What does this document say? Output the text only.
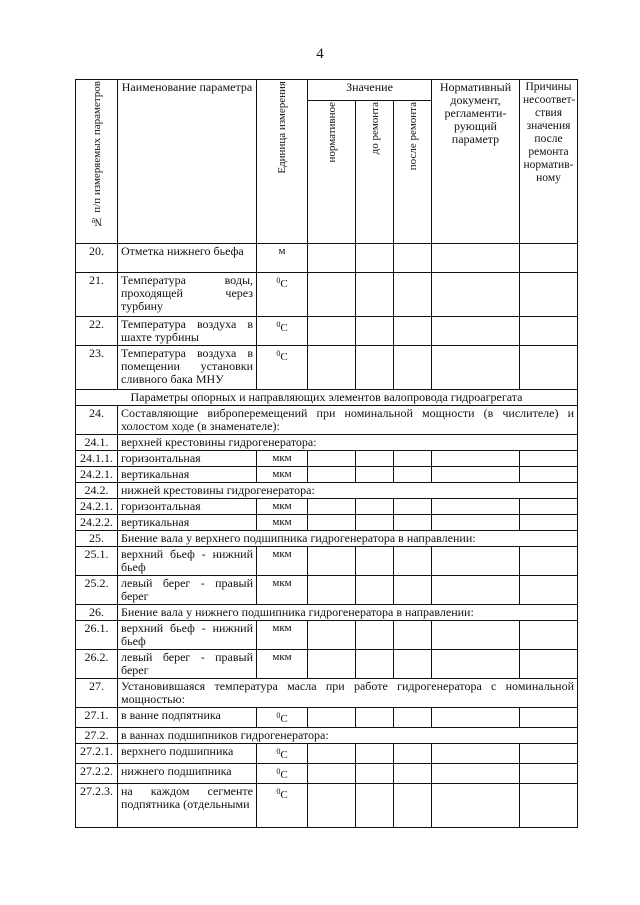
4
№ п/п измеряемых параметров	Наименование параметра	Единица измерения	Значение			Нормативный документ, регламенти-рующий параметр	Причины несоответ-ствия значения после ремонта норматив-ному

			нормативное	до ремонта	после ремонта		

20.	Отметка нижнего бьефа	м					
21.	Температура воды, проходящей через турбину	$^0$C					
22.	Температура воздуха в шахте турбины	$^0$C					
23.	Температура воздуха в помещении установки сливного бака МНУ	$^0$C					
Параметры опорных и направляющих элементов валопровода гидроагрегата							
24.	Составляющие виброперемещений при номинальной мощности (в числителе) и холостом ходе (в знаменателе):						
24.1.	верхней крестовины гидрогенератора:						
24.1.1.	горизонтальная	мкм					
24.2.1.	вертикальная	мкм					
24.2.	нижней крестовины гидрогенератора:						
24.2.1.	горизонтальная	мкм					
24.2.2.	вертикальная	мкм					
25.	Биение вала у верхнего подшипника гидрогенератора в направлении:						
25.1.	верхний бьеф - нижний бьеф	мкм					
25.2.	левый берег - правый берег	мкм					
26.	Биение вала у нижнего подшипника гидрогенератора в направлении:						
26.1.	верхний бьеф - нижний бьеф	мкм					
26.2.	левый берег - правый берег	мкм					
27.	Установившаяся температура масла при работе гидрогенератора с номинальной мощностью:						
27.1.	в ванне подпятника	$^0$C					
27.2.	в ваннах подшипников гидрогенератора:						
27.2.1.	верхнего подшипника	$^0$C					
27.2.2.	нижнего подшипника	$^0$C					
27.2.3.	на каждом сегменте подпятника (отдельными	$^0$C					
